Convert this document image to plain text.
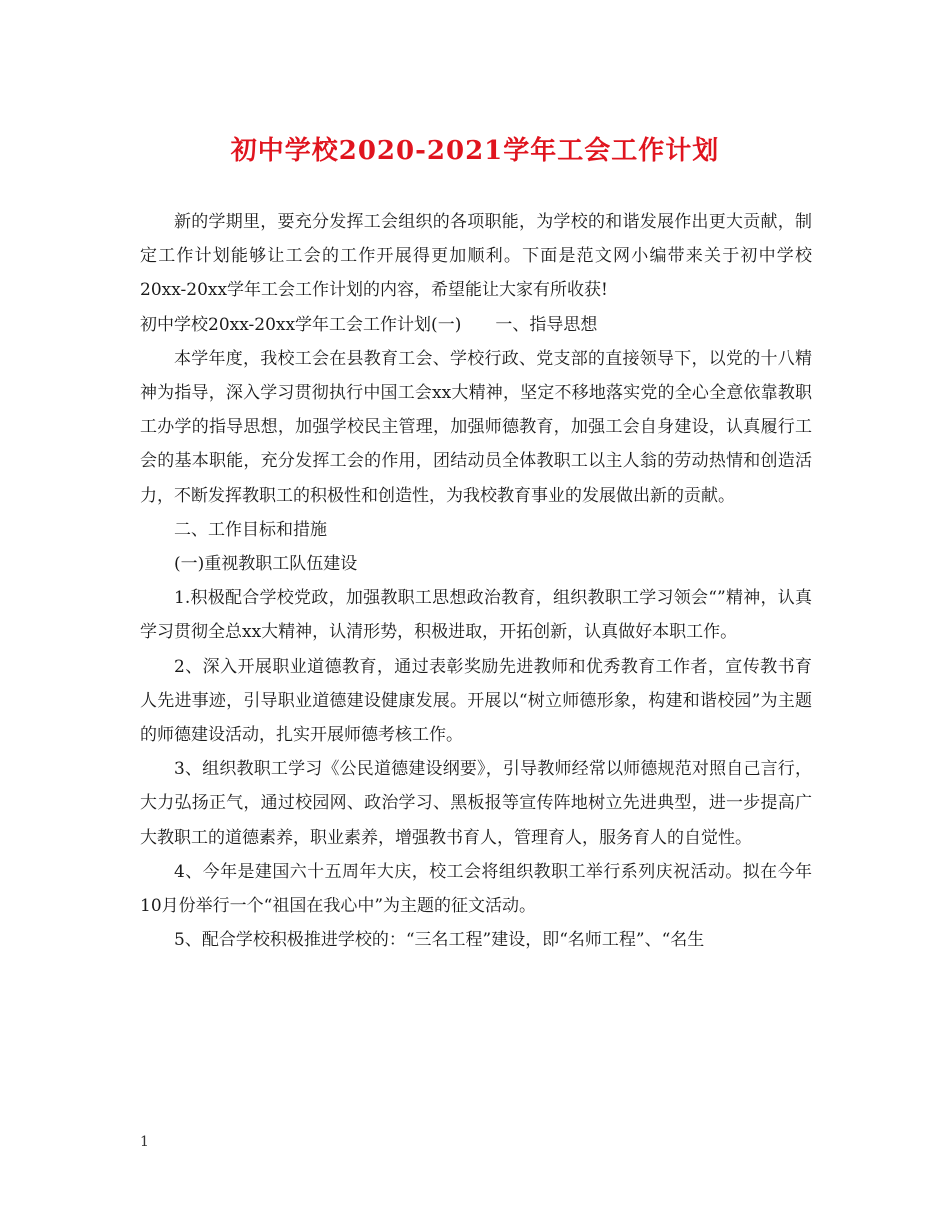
初中学校2020-2021学年工会工作计划

新的学期里，要充分发挥工会组织的各项职能，为学校的和谐发展作出更大贡献，制定工作计划能够让工会的工作开展得更加顺利。下面是范文网小编带来关于初中学校20xx-20xx学年工会工作计划的内容，希望能让大家有所收获!

初中学校20xx-20xx学年工会工作计划(一)　　一、指导思想

本学年度，我校工会在县教育工会、学校行政、党支部的直接领导下，以党的十八精神为指导，深入学习贯彻执行中国工会xx大精神，坚定不移地落实党的全心全意依靠教职工办学的指导思想，加强学校民主管理，加强师德教育，加强工会自身建设，认真履行工会的基本职能，充分发挥工会的作用，团结动员全体教职工以主人翁的劳动热情和创造活力，不断发挥教职工的积极性和创造性，为我校教育事业的发展做出新的贡献。

二、工作目标和措施

(一)重视教职工队伍建设

1.积极配合学校党政，加强教职工思想政治教育，组织教职工学习领会“”精神，认真学习贯彻全总xx大精神，认清形势，积极进取，开拓创新，认真做好本职工作。

2、深入开展职业道德教育，通过表彰奖励先进教师和优秀教育工作者，宣传教书育人先进事迹，引导职业道德建设健康发展。开展以“树立师德形象，构建和谐校园”为主题的师德建设活动，扎实开展师德考核工作。

3、组织教职工学习《公民道德建设纲要》，引导教师经常以师德规范对照自己言行，大力弘扬正气，通过校园网、政治学习、黑板报等宣传阵地树立先进典型，进一步提高广大教职工的道德素养，职业素养，增强教书育人，管理育人，服务育人的自觉性。

4、今年是建国六十五周年大庆，校工会将组织教职工举行系列庆祝活动。拟在今年10月份举行一个“祖国在我心中”为主题的征文活动。

5、配合学校积极推进学校的：“三名工程”建设，即“名师工程”、“名生

1
